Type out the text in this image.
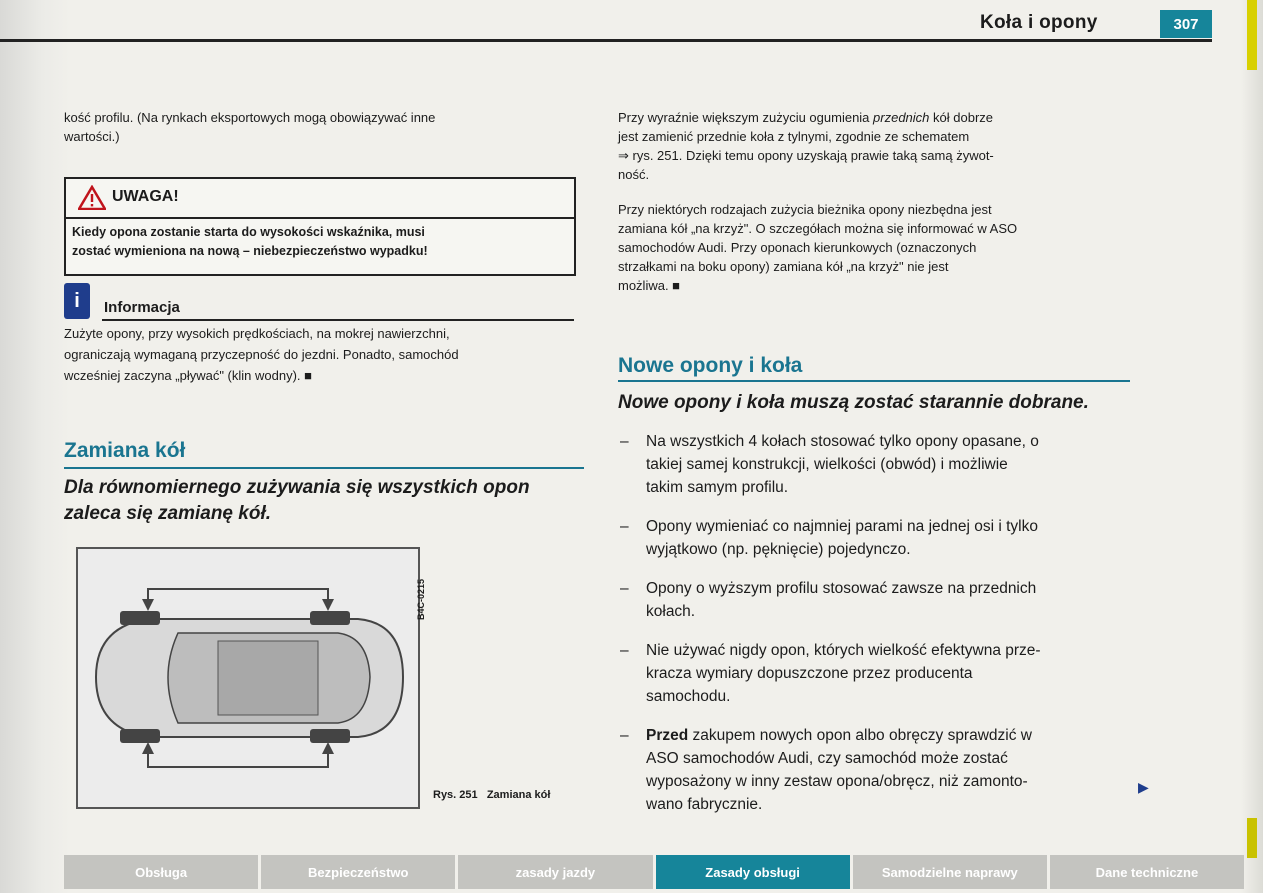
Koła i opony	307
kość profilu. (Na rynkach eksportowych mogą obowiązywać inne
wartości.)
UWAGA!
Kiedy opona zostanie starta do wysokości wskaźnika, musi
zostać wymieniona na nową – niebezpieczeństwo wypadku!
i	Informacja
Zużyte opony, przy wysokich prędkościach, na mokrej nawierzchni,
ograniczają wymaganą przyczepność do jezdni. Ponadto, samochód
wcześniej zaczyna „pływać" (klin wodny). ■
Zamiana kół
Dla równomiernego zużywania się wszystkich opon
zaleca się zamianę kół.
B4C-0215
Rys. 251 Zamiana kół
Przy wyraźnie większym zużyciu ogumienia przednich kół dobrze
jest zamienić przednie koła z tylnymi, zgodnie ze schematem
⇒ rys. 251. Dzięki temu opony uzyskają prawie taką samą żywot-
ność.
Przy niektórych rodzajach zużycia bieżnika opony niezbędna jest
zamiana kół „na krzyż". O szczegółach można się informować w ASO
samochodów Audi. Przy oponach kierunkowych (oznaczonych
strzałkami na boku opony) zamiana kół „na krzyż" nie jest
możliwa. ■
Nowe opony i koła
Nowe opony i koła muszą zostać starannie dobrane.
– Na wszystkich 4 kołach stosować tylko opony opasane, o
takiej samej konstrukcji, wielkości (obwód) i możliwie
takim samym profilu.
– Opony wymieniać co najmniej parami na jednej osi i tylko
wyjątkowo (np. pęknięcie) pojedynczo.
– Opony o wyższym profilu stosować zawsze na przednich
kołach.
– Nie używać nigdy opon, których wielkość efektywna prze-
kracza wymiary dopuszczone przez producenta
samochodu.
– Przed zakupem nowych opon albo obręczy sprawdzić w
ASO samochodów Audi, czy samochód może zostać
wyposażony w inny zestaw opona/obręcz, niż zamonto-
wano fabrycznie.
▶
Obsługa	Bezpieczeństwo	zasady jazdy	Zasady obsługi	Samodzielne naprawy	Dane techniczne
